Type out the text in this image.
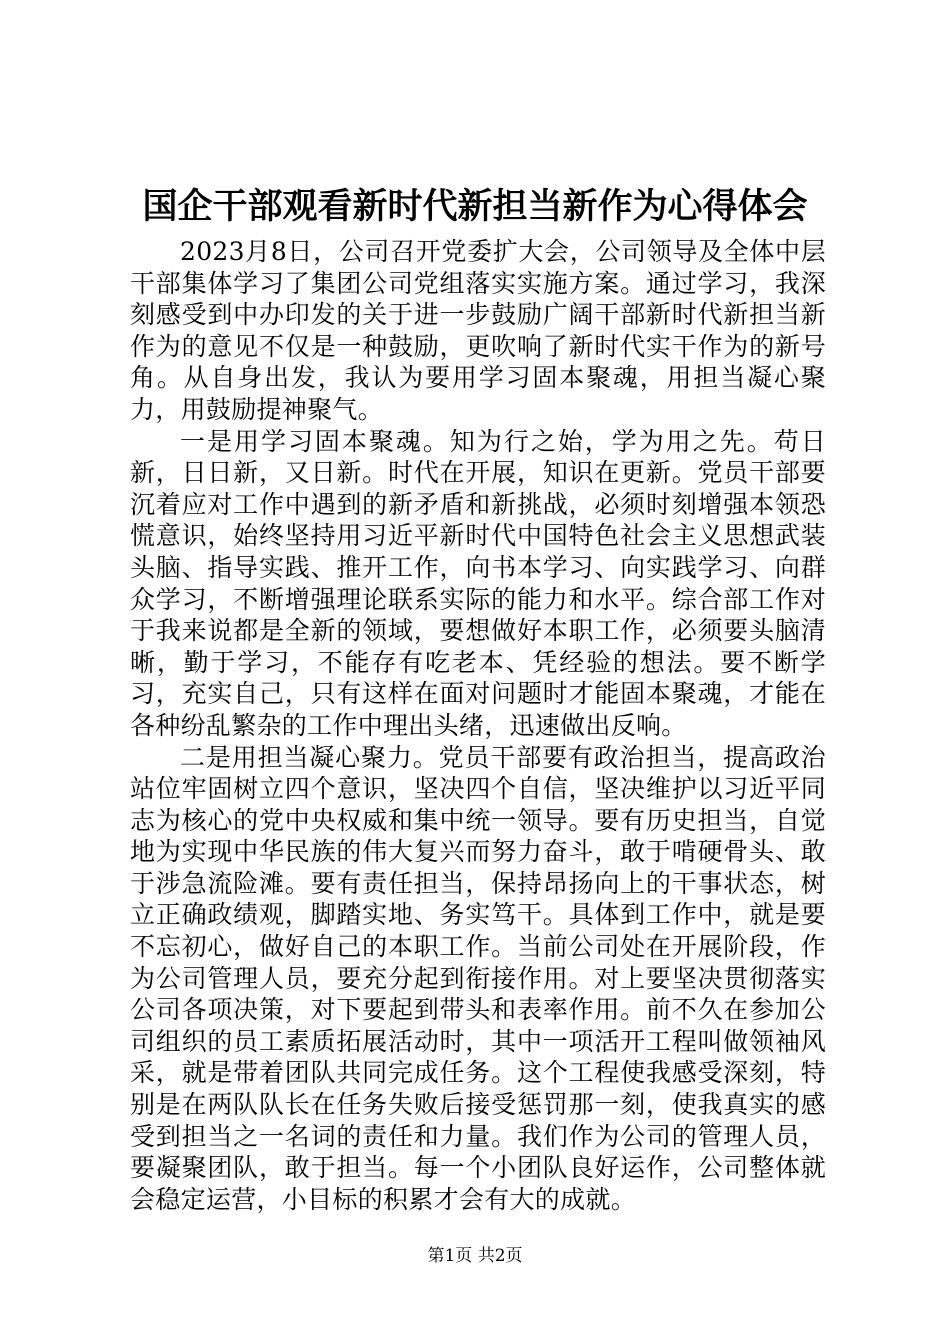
国企干部观看新时代新担当新作为心得体会

2023月8日，公司召开党委扩大会，公司领导及全体中层干部集体学习了集团公司党组落实实施方案。通过学习，我深刻感受到中办印发的关于进一步鼓励广阔干部新时代新担当新作为的意见不仅是一种鼓励，更吹响了新时代实干作为的新号角。从自身出发，我认为要用学习固本聚魂，用担当凝心聚力，用鼓励提神聚气。

一是用学习固本聚魂。知为行之始，学为用之先。苟日新，日日新，又日新。时代在开展，知识在更新。党员干部要沉着应对工作中遇到的新矛盾和新挑战，必须时刻增强本领恐慌意识，始终坚持用习近平新时代中国特色社会主义思想武装头脑、指导实践、推开工作，向书本学习、向实践学习、向群众学习，不断增强理论联系实际的能力和水平。综合部工作对于我来说都是全新的领域，要想做好本职工作，必须要头脑清晰，勤于学习，不能存有吃老本、凭经验的想法。要不断学习，充实自己，只有这样在面对问题时才能固本聚魂，才能在各种纷乱繁杂的工作中理出头绪，迅速做出反响。

二是用担当凝心聚力。党员干部要有政治担当，提高政治站位牢固树立四个意识，坚决四个自信，坚决维护以习近平同志为核心的党中央权威和集中统一领导。要有历史担当，自觉地为实现中华民族的伟大复兴而努力奋斗，敢于啃硬骨头、敢于涉急流险滩。要有责任担当，保持昂扬向上的干事状态，树立正确政绩观，脚踏实地、务实笃干。具体到工作中，就是要不忘初心，做好自己的本职工作。当前公司处在开展阶段，作为公司管理人员，要充分起到衔接作用。对上要坚决贯彻落实公司各项决策，对下要起到带头和表率作用。前不久在参加公司组织的员工素质拓展活动时，其中一项活开工程叫做领袖风采，就是带着团队共同完成任务。这个工程使我感受深刻，特别是在两队队长在任务失败后接受惩罚那一刻，使我真实的感受到担当之一名词的责任和力量。我们作为公司的管理人员，要凝聚团队，敢于担当。每一个小团队良好运作，公司整体就会稳定运营，小目标的积累才会有大的成就。

第1页 共2页
